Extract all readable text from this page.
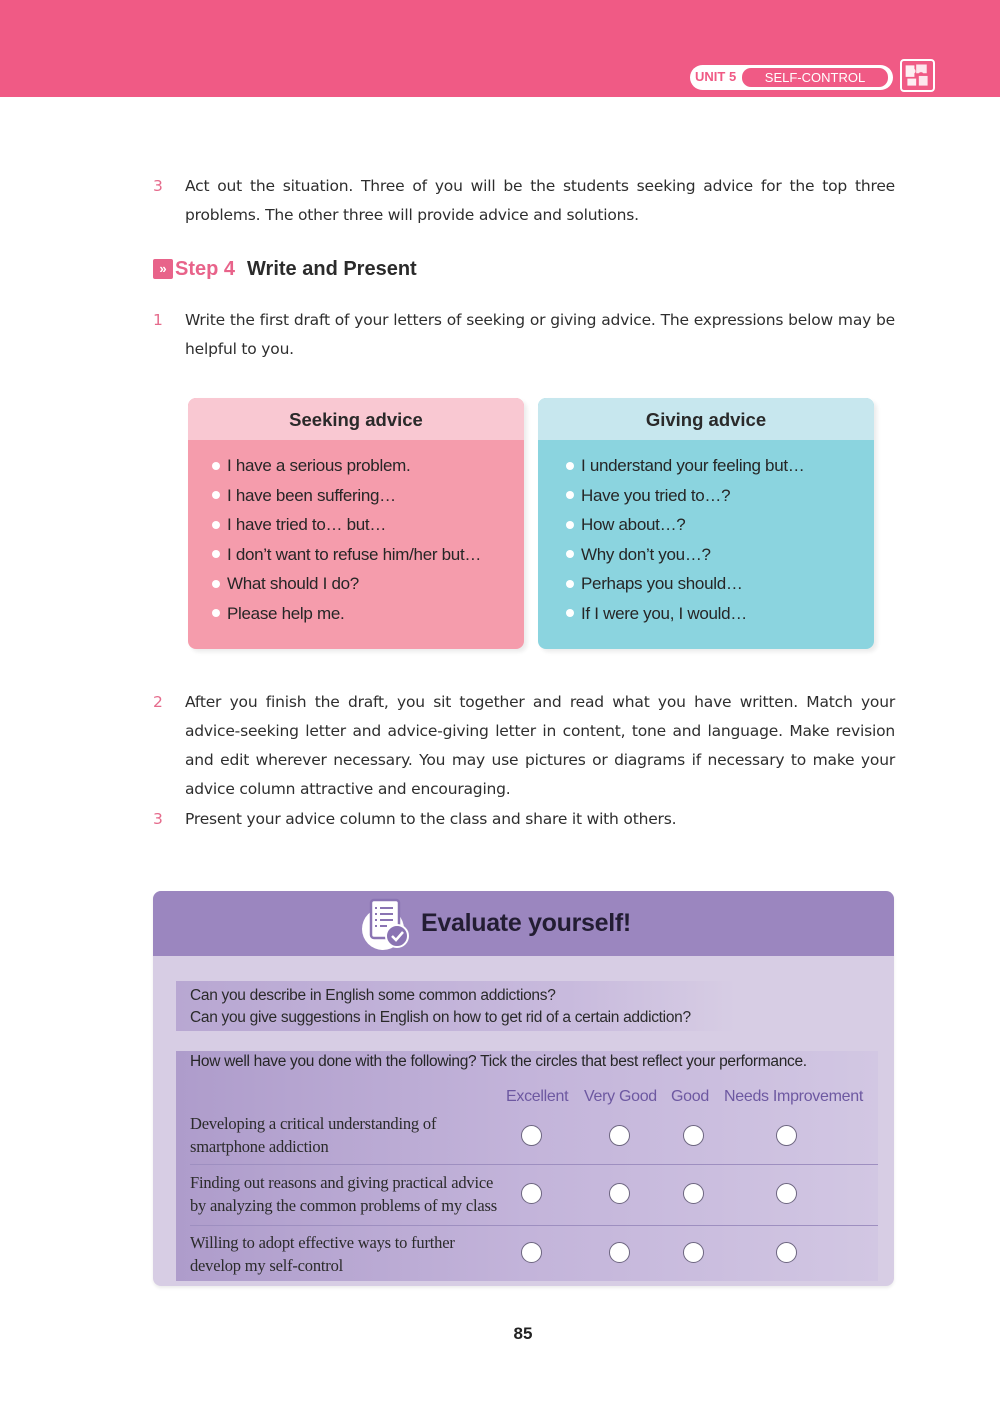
UNIT 5	SELF-CONTROL
3 Act out the situation. Three of you will be the students seeking advice for the top three problems. The other three will provide advice and solutions.
» Step 4 Write and Present
1 Write the first draft of your letters of seeking or giving advice. The expressions below may be helpful to you.
Seeking advice
I have a serious problem.
I have been suffering…
I have tried to… but…
I don’t want to refuse him/her but…
What should I do?
Please help me.
Giving advice
I understand your feeling but…
Have you tried to…?
How about…?
Why don’t you…?
Perhaps you should…
If I were you, I would…
2 After you finish the draft, you sit together and read what you have written. Match your advice-seeking letter and advice-giving letter in content, tone and language. Make revision and edit wherever necessary. You may use pictures or diagrams if necessary to make your advice column attractive and encouraging.
3 Present your advice column to the class and share it with others.
Evaluate yourself!
Can you describe in English some common addictions?
Can you give suggestions in English on how to get rid of a certain addiction?
How well have you done with the following? Tick the circles that best reflect your performance.
Excellent Very Good Good Needs Improvement
Developing a critical understanding of
smartphone addiction
Finding out reasons and giving practical advice
by analyzing the common problems of my class
Willing to adopt effective ways to further
develop my self-control
85
